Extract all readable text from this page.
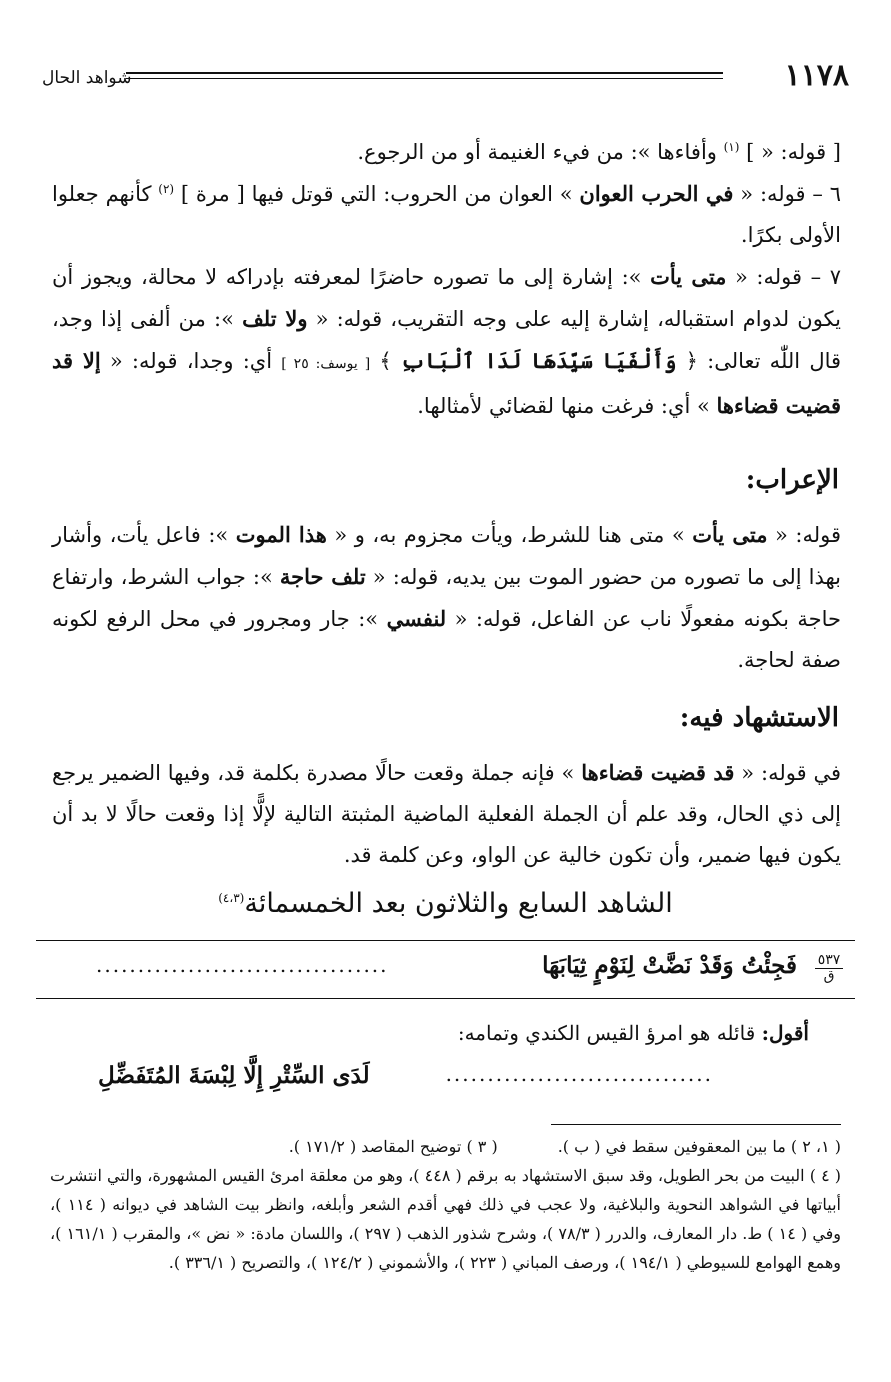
١١٧٨
شواهد الحال

[ قوله: « ] $^{(١)}$ وأفاءها »: من فيء الغنيمة أو من الرجوع.

٦ – قوله: « في الحرب العوان » العوان من الحروب: التي قوتل فيها [ مرة ] $^{(٢)}$ كأنهم جعلوا الأولى بكرًا.

٧ – قوله: « متى يأت »: إشارة إلى ما تصوره حاضرًا لمعرفته بإدراكه لا محالة، ويجوز أن يكون لدوام استقباله، إشارة إليه على وجه التقريب، قوله: « ولا تلف »: من ألفى إذا وجد، قال اللّٰه تعالى: ﴿ وَأَلْفَيَا سَيِّدَهَا لَدَا ٱلْبَابِ ﴾ [ يوسف: ٢٥ ] أي: وجدا، قوله: « إلا قد قضيت قضاءها » أي: فرغت منها لقضائي لأمثالها.

الإعراب:

قوله: « متى يأت » متى هنا للشرط، ويأت مجزوم به، و « هذا الموت »: فاعل يأت، وأشار بهذا إلى ما تصوره من حضور الموت بين يديه، قوله: « تلف حاجة »: جواب الشرط، وارتفاع حاجة بكونه مفعولًا ناب عن الفاعل، قوله: « لنفسي »: جار ومجرور في محل الرفع لكونه صفة لحاجة.

الاستشهاد فيه:

في قوله: « قد قضيت قضاءها » فإنه جملة وقعت حالًا مصدرة بكلمة قد، وفيها الضمير يرجع إلى ذي الحال، وقد علم أن الجملة الفعلية الماضية المثبتة التالية لإلًّا إذا وقعت حالًا لا بد أن يكون فيها ضمير، وأن تكون خالية عن الواو، وعن كلمة قد.

الشاهد السابع والثلاثون بعد الخمسمائة$^{(٤،٣)}$
٥٣٧
ق
فَجِئْتُ وَقَدْ نَضَّتْ لِنَوْمٍ ثِيَابَهَا
...................................
أقول: قائله هو امرؤ القيس الكندي وتمامه:
................................
لَدَى السِّتْرِ إِلَّا لِبْسَةَ المُتَفَضِّلِ

( ١، ٢ ) ما بين المعقوفين سقط في ( ب ).

( ٣ ) توضيح المقاصد ( ١٧١/٢ ).

( ٤ ) البيت من بحر الطويل، وقد سبق الاستشهاد به برقم ( ٤٤٨ )، وهو من معلقة امرئ القيس المشهورة، والتي انتشرت أبياتها في الشواهد النحوية والبلاغية، ولا عجب في ذلك فهي أقدم الشعر وأبلغه، وانظر بيت الشاهد في ديوانه ( ١١٤ )، وفي ( ١٤ ) ط. دار المعارف، والدرر ( ٧٨/٣ )، وشرح شذور الذهب ( ٢٩٧ )، واللسان مادة: « نض »، والمقرب ( ١٦١/١ )، وهمع الهوامع للسيوطي ( ١٩٤/١ )، ورصف المباني ( ٢٢٣ )، والأشموني ( ١٢٤/٢ )، والتصريح ( ٣٣٦/١ ).
